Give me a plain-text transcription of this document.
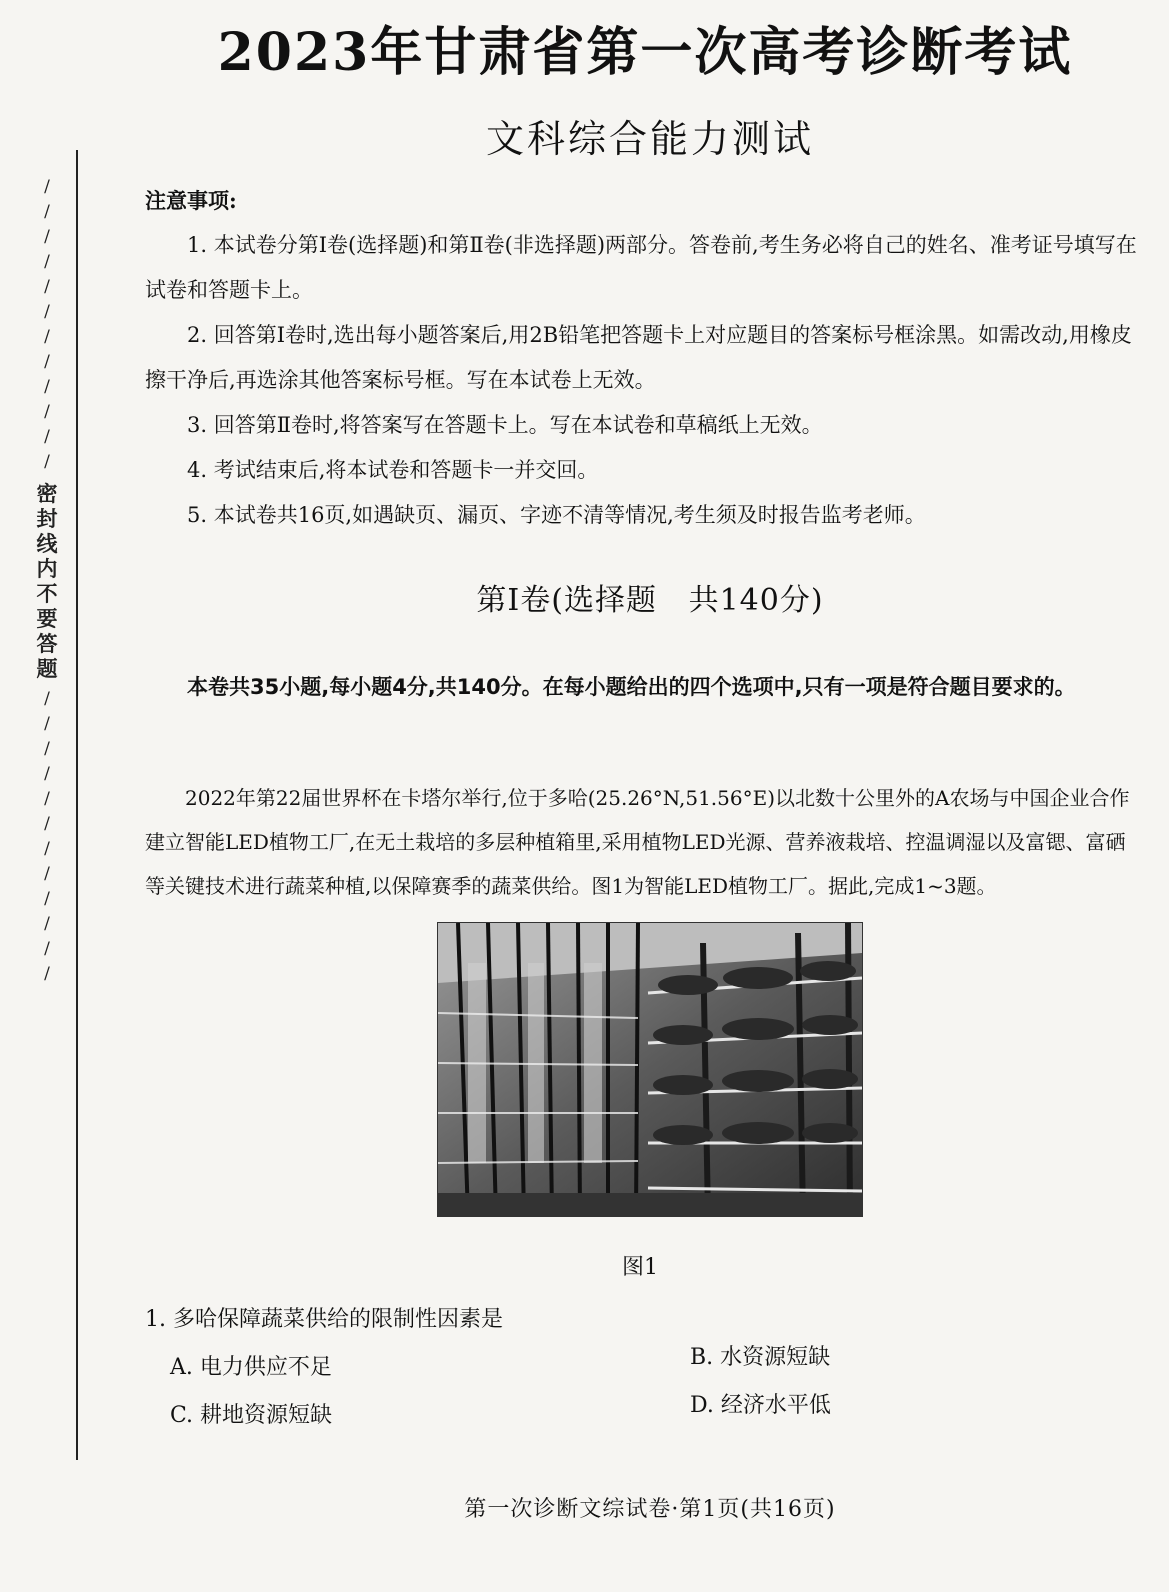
/
/
/
/
/
/
/
/
/
/
/
/
密封线内不要答题
/
/
/
/
/
/
/
/
/
/
/
/
2023年甘肃省第一次高考诊断考试
文科综合能力测试
注意事项:

1. 本试卷分第Ⅰ卷(选择题)和第Ⅱ卷(非选择题)两部分。答卷前,考生务必将自己的姓名、准考证号填写在试卷和答题卡上。

2. 回答第Ⅰ卷时,选出每小题答案后,用2B铅笔把答题卡上对应题目的答案标号框涂黑。如需改动,用橡皮擦干净后,再选涂其他答案标号框。写在本试卷上无效。

3. 回答第Ⅱ卷时,将答案写在答题卡上。写在本试卷和草稿纸上无效。

4. 考试结束后,将本试卷和答题卡一并交回。

5. 本试卷共16页,如遇缺页、漏页、字迹不清等情况,考生须及时报告监考老师。

第Ⅰ卷(选择题   共140分)
本卷共35小题,每小题4分,共140分。在每小题给出的四个选项中,只有一项是符合题目要求的。
2022年第22届世界杯在卡塔尔举行,位于多哈(25.26°N,51.56°E)以北数十公里外的A农场与中国企业合作建立智能LED植物工厂,在无土栽培的多层种植箱里,采用植物LED光源、营养液栽培、控温调湿以及富锶、富硒等关键技术进行蔬菜种植,以保障赛季的蔬菜供给。图1为智能LED植物工厂。据此,完成1~3题。
图1
1. 多哈保障蔬菜供给的限制性因素是
A. 电力供应不足	B. 水资源短缺
C. 耕地资源短缺	D. 经济水平低
第一次诊断文综试卷·第1页(共16页)
